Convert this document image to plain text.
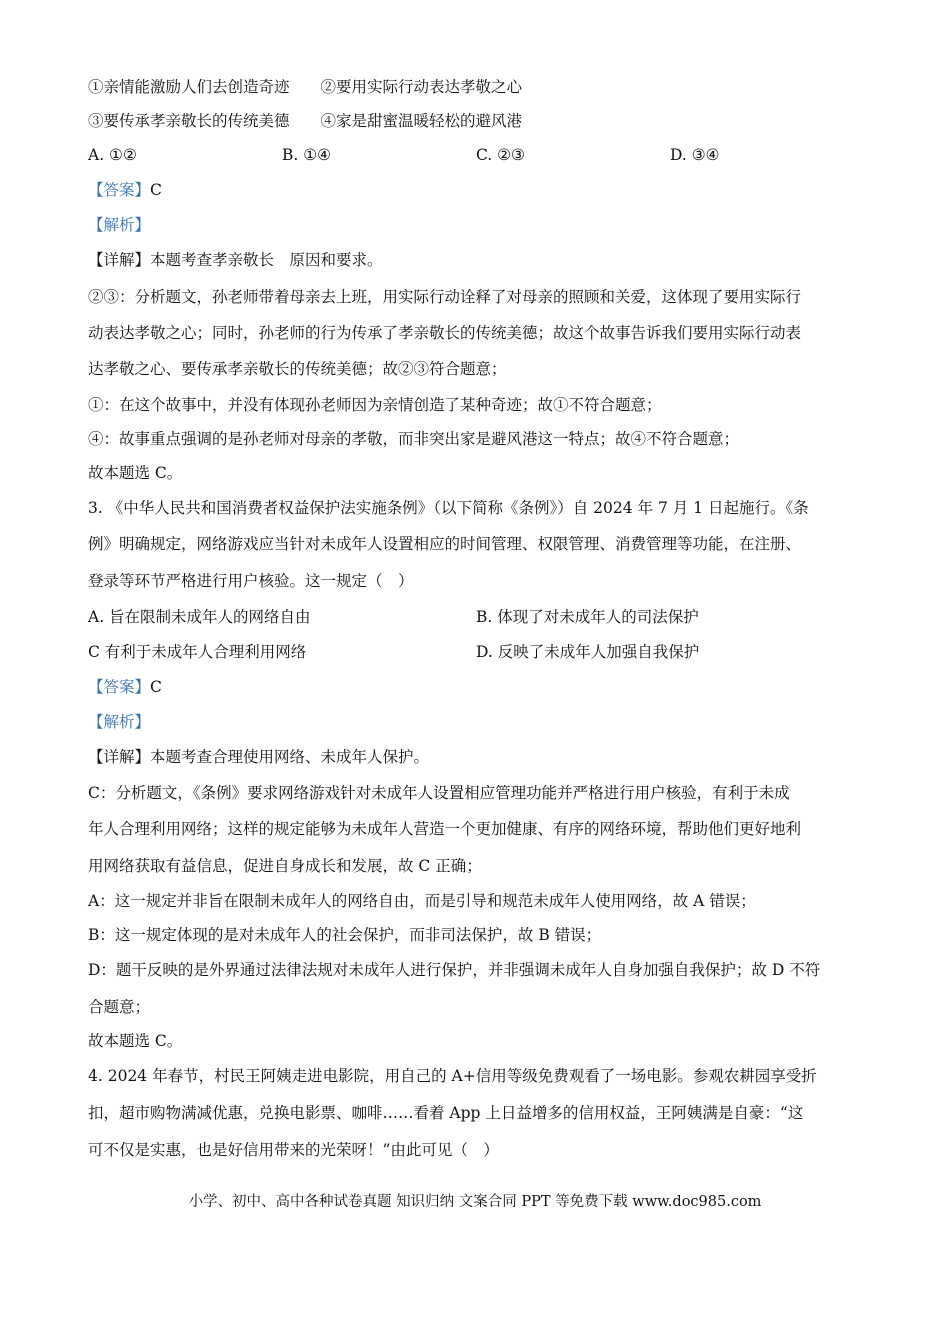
①亲情能激励人们去创造奇迹　　②要用实际行动表达孝敬之心
③要传承孝亲敬长的传统美德　　④家是甜蜜温暖轻松的避风港
A. ①②	B. ①④	C. ②③	D. ③④
【答案】C
【解析】
【详解】本题考查孝亲敬长　原因和要求。
②③：分析题文，孙老师带着母亲去上班，用实际行动诠释了对母亲的照顾和关爱，这体现了要用实际行
动表达孝敬之心；同时，孙老师的行为传承了孝亲敬长的传统美德；故这个故事告诉我们要用实际行动表
达孝敬之心、要传承孝亲敬长的传统美德；故②③符合题意；
①：在这个故事中，并没有体现孙老师因为亲情创造了某种奇迹；故①不符合题意；
④：故事重点强调的是孙老师对母亲的孝敬，而非突出家是避风港这一特点；故④不符合题意；
故本题选 C。
3. 《中华人民共和国消费者权益保护法实施条例》（以下简称《条例》）自 2024 年 7 月 1 日起施行。《条
例》明确规定，网络游戏应当针对未成年人设置相应的时间管理、权限管理、消费管理等功能，在注册、
登录等环节严格进行用户核验。这一规定（　）
A. 旨在限制未成年人的网络自由	B. 体现了对未成年人的司法保护
C 有利于未成年人合理利用网络	D. 反映了未成年人加强自我保护
【答案】C
【解析】
【详解】本题考查合理使用网络、未成年人保护。
C：分析题文，《条例》要求网络游戏针对未成年人设置相应管理功能并严格进行用户核验，有利于未成
年人合理利用网络；这样的规定能够为未成年人营造一个更加健康、有序的网络环境，帮助他们更好地利
用网络获取有益信息，促进自身成长和发展，故 C 正确；
A：这一规定并非旨在限制未成年人的网络自由，而是引导和规范未成年人使用网络，故 A 错误；
B：这一规定体现的是对未成年人的社会保护，而非司法保护，故 B 错误；
D：题干反映的是外界通过法律法规对未成年人进行保护，并非强调未成年人自身加强自我保护；故 D 不符
合题意；
故本题选 C。
4. 2024 年春节，村民王阿姨走进电影院，用自己的 A+信用等级免费观看了一场电影。参观农耕园享受折
扣，超市购物满减优惠，兑换电影票、咖啡……看着 App 上日益增多的信用权益，王阿姨满是自豪：“这
可不仅是实惠，也是好信用带来的光荣呀！”由此可见（　）
小学、初中、高中各种试卷真题 知识归纳 文案合同 PPT 等免费下载 www.doc985.com
